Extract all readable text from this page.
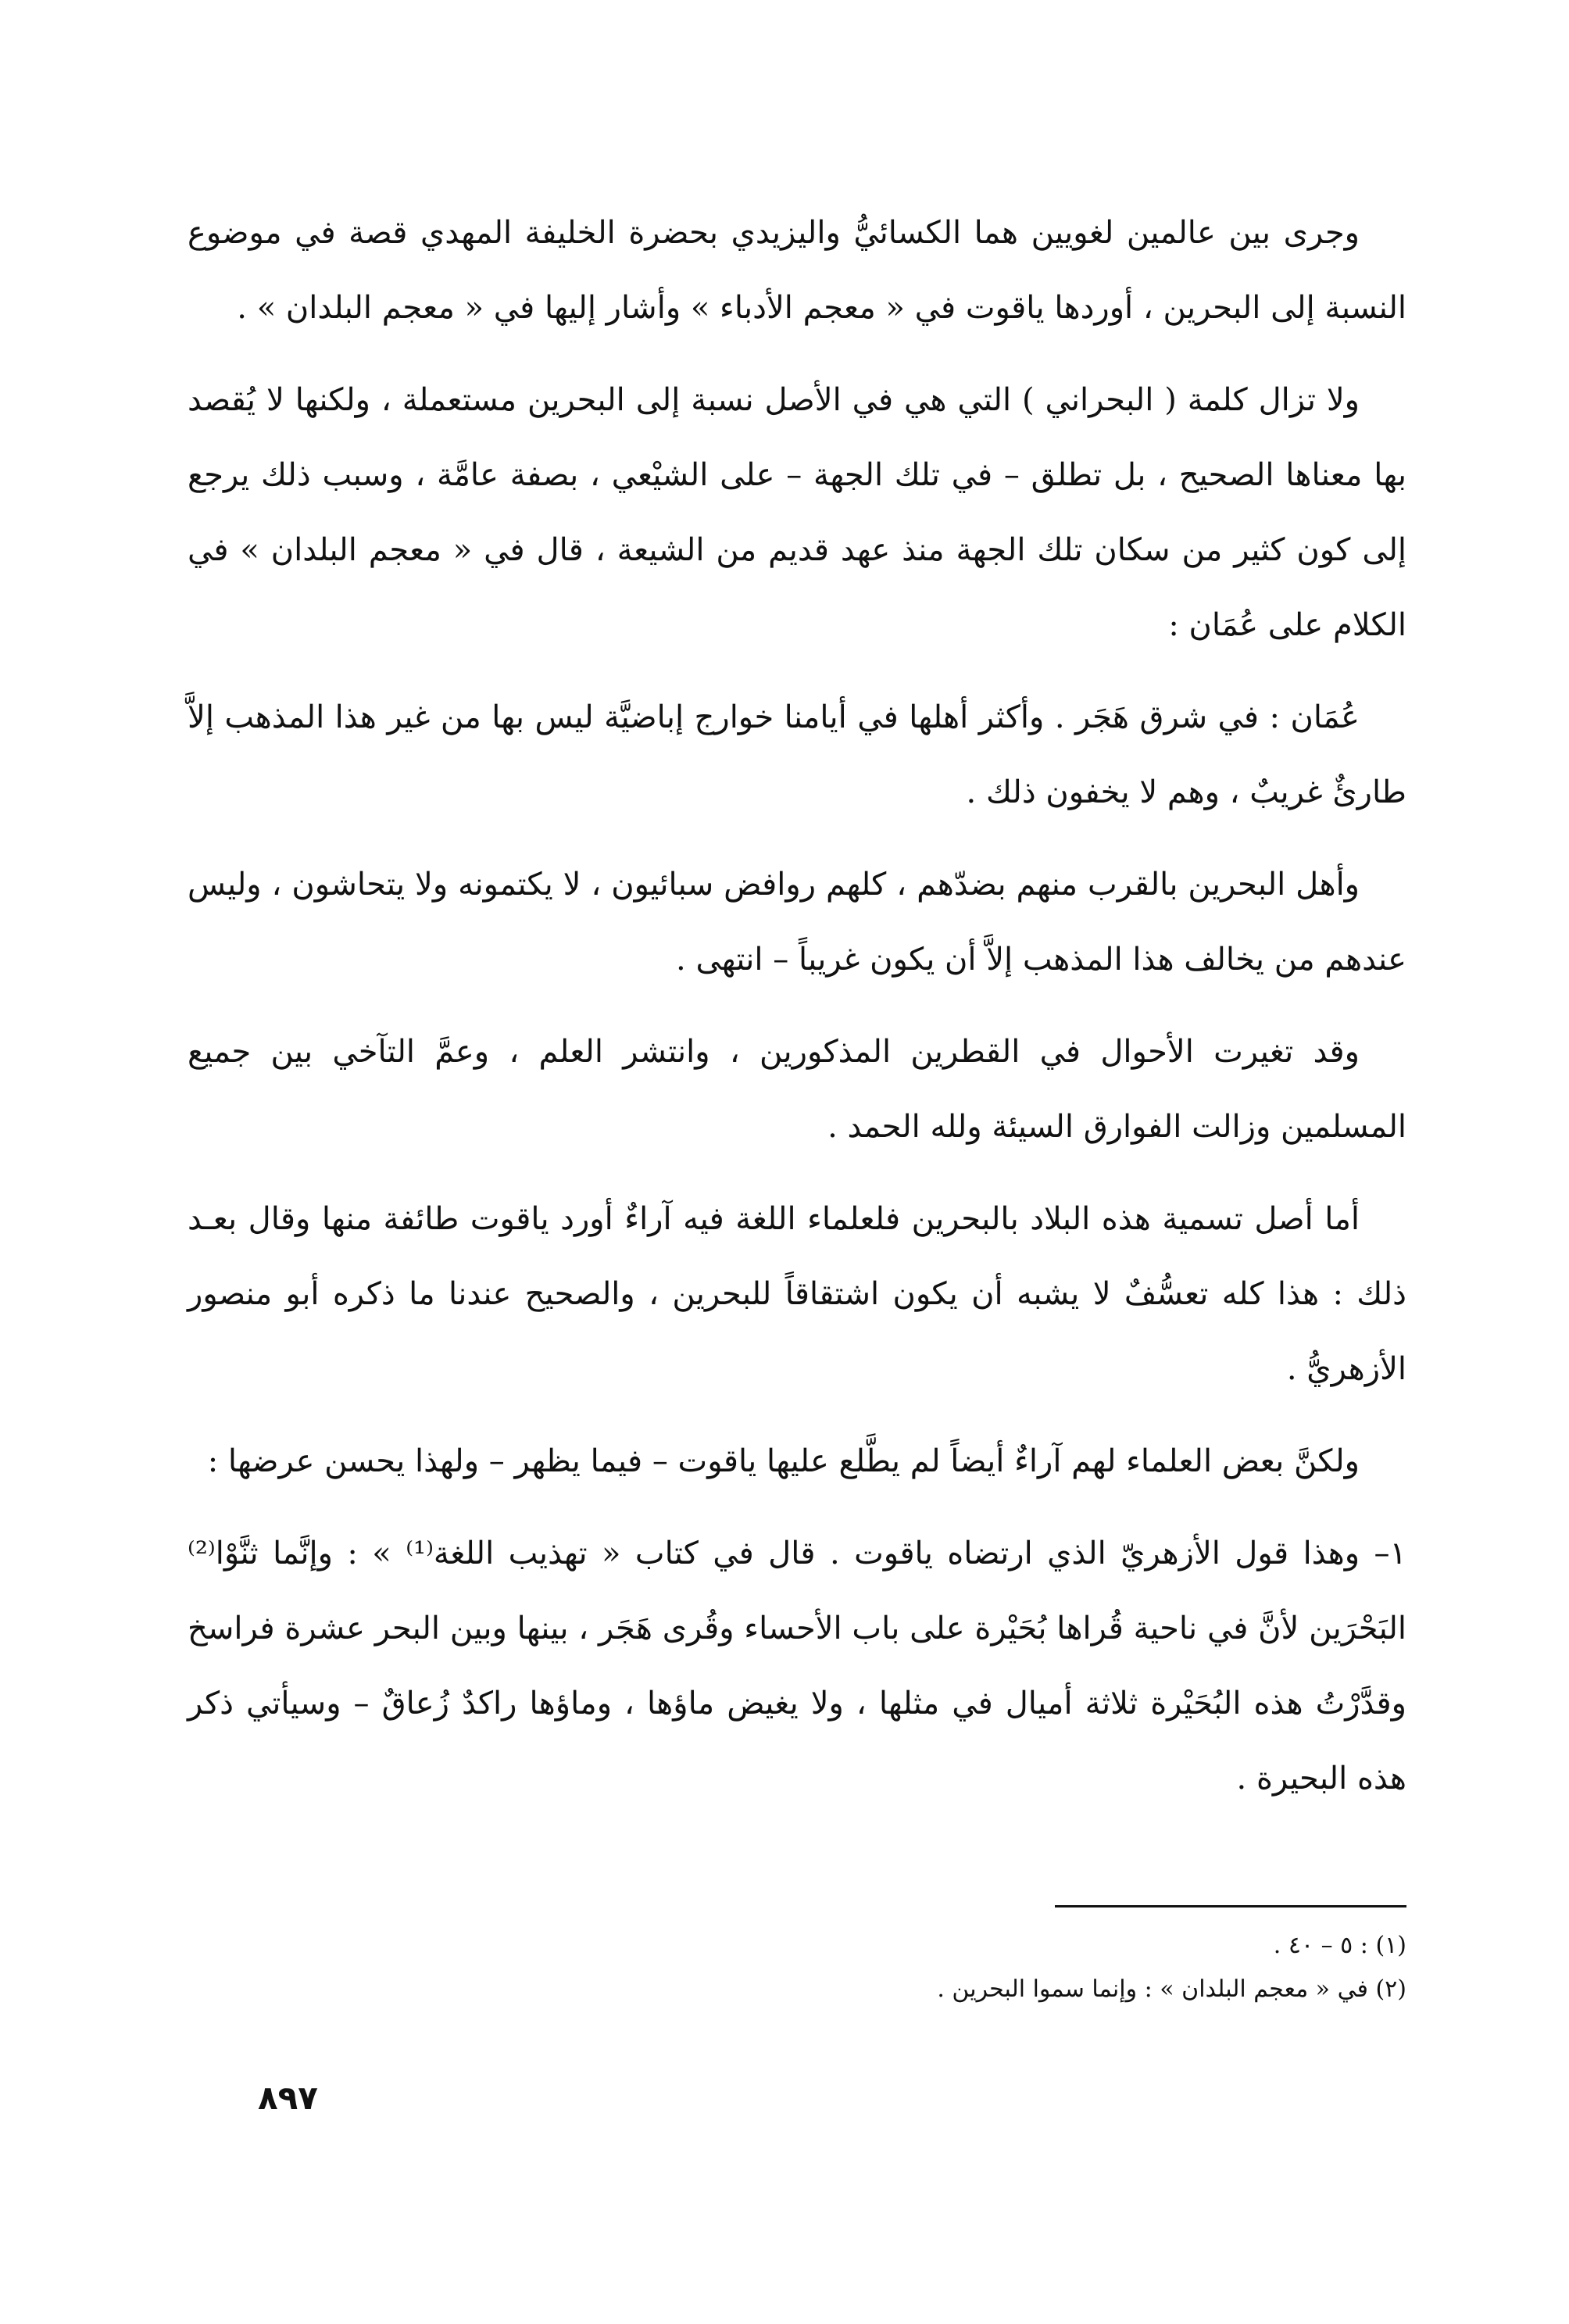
وجرى بين عالمين لغويين هما الكسائيُّ واليزيدي بحضرة الخليفة المهدي قصة في موضوع النسبة إلى البحرين ، أوردها ياقوت في « معجم الأدباء » وأشار إليها في « معجم البلدان » .

ولا تزال كلمة ( البحراني ) التي هي في الأصل نسبة إلى البحرين مستعملة ، ولكنها لا يُقصد بها معناها الصحيح ، بل تطلق – في تلك الجهة – على الشيْعي ، بصفة عامَّة ، وسبب ذلك يرجع إلى كون كثير من سكان تلك الجهة منذ عهد قديم من الشيعة ، قال في « معجم البلدان » في الكلام على عُمَان :

عُمَان : في شرق هَجَر . وأكثر أهلها في أيامنا خوارج إباضيَّة ليس بها من غير هذا المذهب إلاَّ طارئٌ غريبٌ ، وهم لا يخفون ذلك .

وأهل البحرين بالقرب منهم بضدّهم ، كلهم روافض سبائيون ، لا يكتمونه ولا يتحاشون ، وليس عندهم من يخالف هذا المذهب إلاَّ أن يكون غريباً – انتهى .

وقد تغيرت الأحوال في القطرين المذكورين ، وانتشر العلم ، وعمَّ التآخي بين جميع المسلمين وزالت الفوارق السيئة ولله الحمد .

أما أصل تسمية هذه البلاد بالبحرين فلعلماء اللغة فيه آراءٌ أورد ياقوت طائفة منها وقال بعـد ذلك : هذا كله تعسُّفٌ لا يشبه أن يكون اشتقاقاً للبحرين ، والصحيح عندنا ما ذكره أبو منصور الأزهريُّ .

ولكنَّ بعض العلماء لهم آراءٌ أيضاً لم يطَّلع عليها ياقوت – فيما يظهر – ولهذا يحسن عرضها :

١– وهذا قول الأزهريّ الذي ارتضاه ياقوت . قال في كتاب « تهذيب اللغة⁽¹⁾ » : وإنَّما ثنَّوْا⁽²⁾ البَحْرَين لأنَّ في ناحية قُراها بُحَيْرة على باب الأحساء وقُرى هَجَر ، بينها وبين البحر عشرة فراسخ وقدَّرْتُ هذه البُحَيْرة ثلاثة أميال في مثلها ، ولا يغيض ماؤها ، وماؤها راكدٌ زُعاقٌ – وسيأتي ذكر هذه البحيرة .

(١) : ٥ – ٤٠ .

(٢) في « معجم البلدان » : وإنما سموا البحرين .

٨٩٧
